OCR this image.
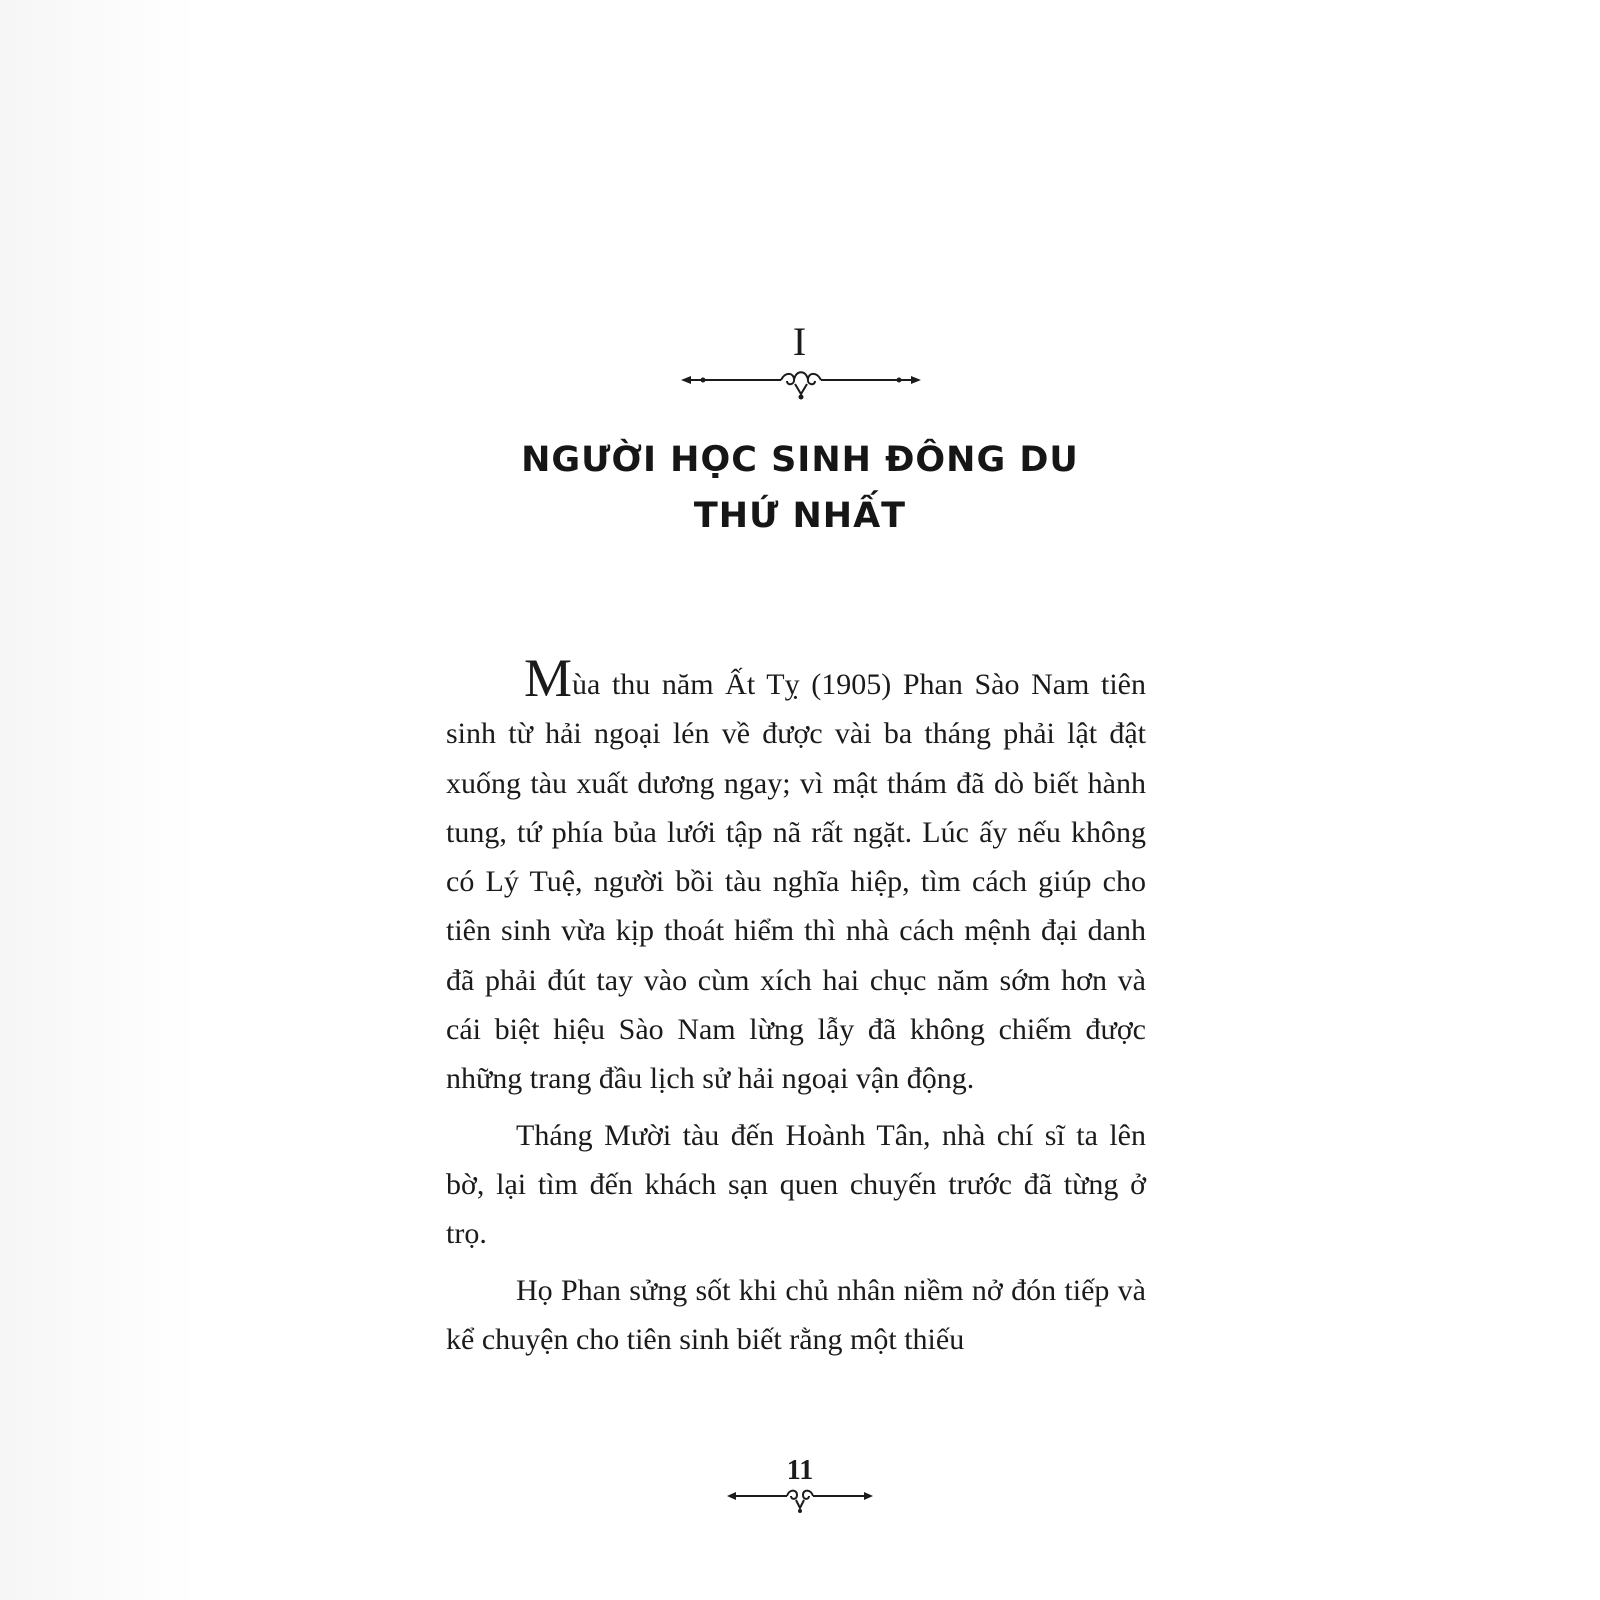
I
NGƯỜI HỌC SINH ĐÔNG DU
THỨ NHẤT

Mùa thu năm Ất Tỵ (1905) Phan Sào Nam tiên sinh từ hải ngoại lén về được vài ba tháng phải lật đật xuống tàu xuất dương ngay; vì mật thám đã dò biết hành tung, tứ phía bủa lưới tập nã rất ngặt. Lúc ấy nếu không có Lý Tuệ, người bồi tàu nghĩa hiệp, tìm cách giúp cho tiên sinh vừa kịp thoát hiểm thì nhà cách mệnh đại danh đã phải đút tay vào cùm xích hai chục năm sớm hơn và cái biệt hiệu Sào Nam lừng lẫy đã không chiếm được những trang đầu lịch sử hải ngoại vận động.

Tháng Mười tàu đến Hoành Tân, nhà chí sĩ ta lên bờ, lại tìm đến khách sạn quen chuyến trước đã từng ở trọ.

Họ Phan sửng sốt khi chủ nhân niềm nở đón tiếp và kể chuyện cho tiên sinh biết rằng một thiếu

11
